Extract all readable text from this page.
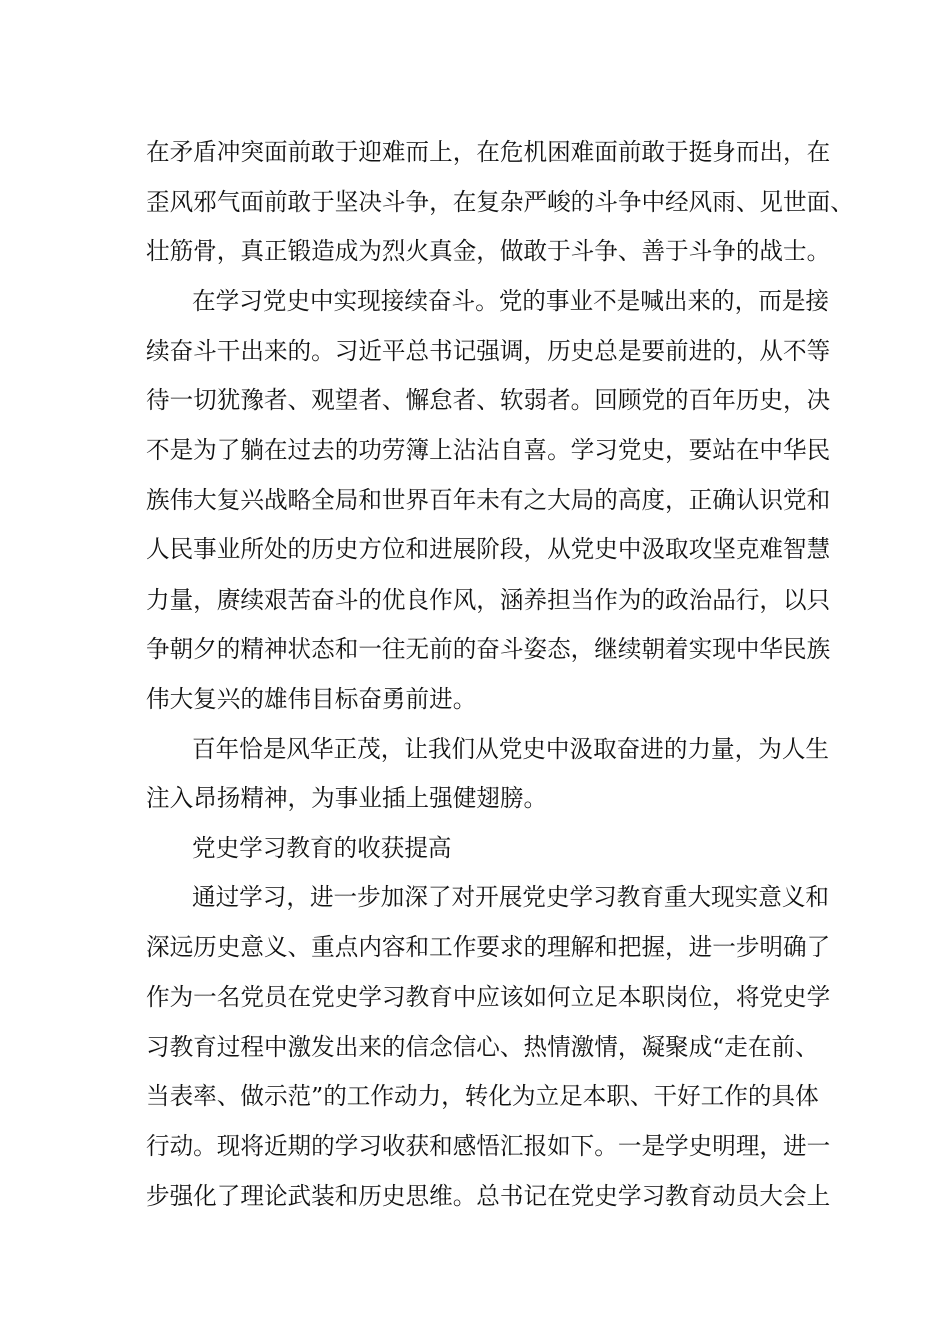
在矛盾冲突面前敢于迎难而上，在危机困难面前敢于挺身而出，在
歪风邪气面前敢于坚决斗争，在复杂严峻的斗争中经风雨、见世面、
壮筋骨，真正锻造成为烈火真金，做敢于斗争、善于斗争的战士。
在学习党史中实现接续奋斗。党的事业不是喊出来的，而是接
续奋斗干出来的。习近平总书记强调，历史总是要前进的，从不等
待一切犹豫者、观望者、懈怠者、软弱者。回顾党的百年历史，决
不是为了躺在过去的功劳簿上沾沾自喜。学习党史，要站在中华民
族伟大复兴战略全局和世界百年未有之大局的高度，正确认识党和
人民事业所处的历史方位和进展阶段，从党史中汲取攻坚克难智慧
力量，赓续艰苦奋斗的优良作风，涵养担当作为的政治品行，以只
争朝夕的精神状态和一往无前的奋斗姿态，继续朝着实现中华民族
伟大复兴的雄伟目标奋勇前进。
百年恰是风华正茂，让我们从党史中汲取奋进的力量，为人生
注入昂扬精神，为事业插上强健翅膀。
党史学习教育的收获提高
通过学习，进一步加深了对开展党史学习教育重大现实意义和
深远历史意义、重点内容和工作要求的理解和把握，进一步明确了
作为一名党员在党史学习教育中应该如何立足本职岗位，将党史学
习教育过程中激发出来的信念信心、热情激情，凝聚成“走在前、
当表率、做示范”的工作动力，转化为立足本职、干好工作的具体
行动。现将近期的学习收获和感悟汇报如下。一是学史明理，进一
步强化了理论武装和历史思维。总书记在党史学习教育动员大会上
